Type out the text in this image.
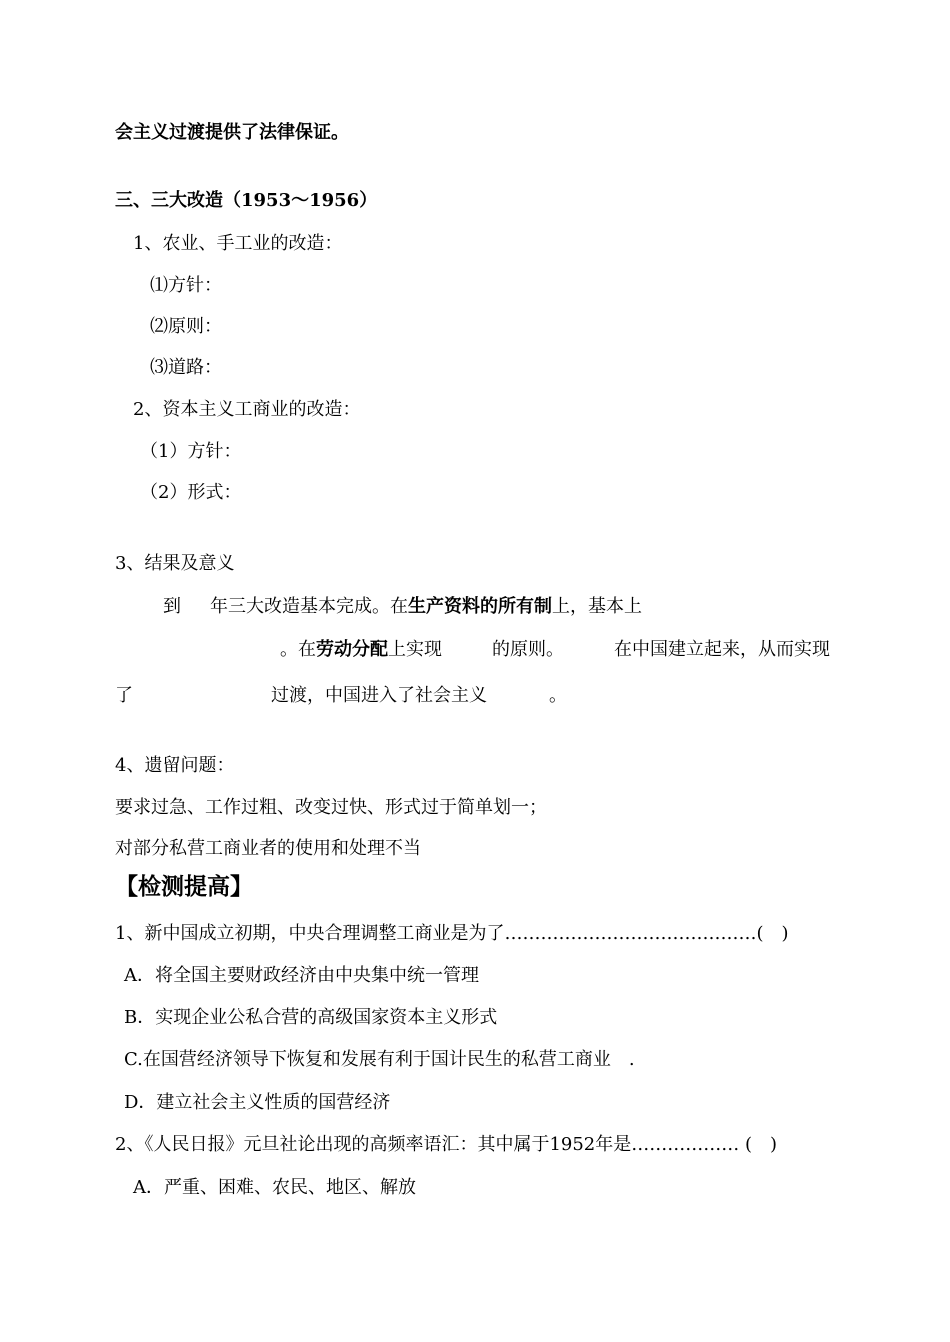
会主义过渡提供了法律保证。
三、三大改造（1953～1956）
1、农业、手工业的改造：
⑴方针：
⑵原则：
⑶道路：
2、资本主义工商业的改造：
（1）方针：
（2）形式：
3、结果及意义
到 年三大改造基本完成。在生产资料的所有制上，基本上
。在劳动分配上实现	的原则。	在中国建立起来，从而实现
了	过渡，中国进入了社会主义	。
4、遗留问题：
要求过急、工作过粗、改变过快、形式过于简单划一；
对部分私营工商业者的使用和处理不当
【检测提高】
1、新中国成立初期，中央合理调整工商业是为了……………………………………(　)
A．将全国主要财政经济由中央集中统一管理
B．实现企业公私合营的高级国家资本主义形式
C.在国营经济领导下恢复和发展有利于国计民生的私营工商业　.
D．建立社会主义性质的国营经济
2、《人民日报》元旦社论出现的高频率语汇：其中属于1952年是……………… (　)
A．严重、困难、农民、地区、解放
